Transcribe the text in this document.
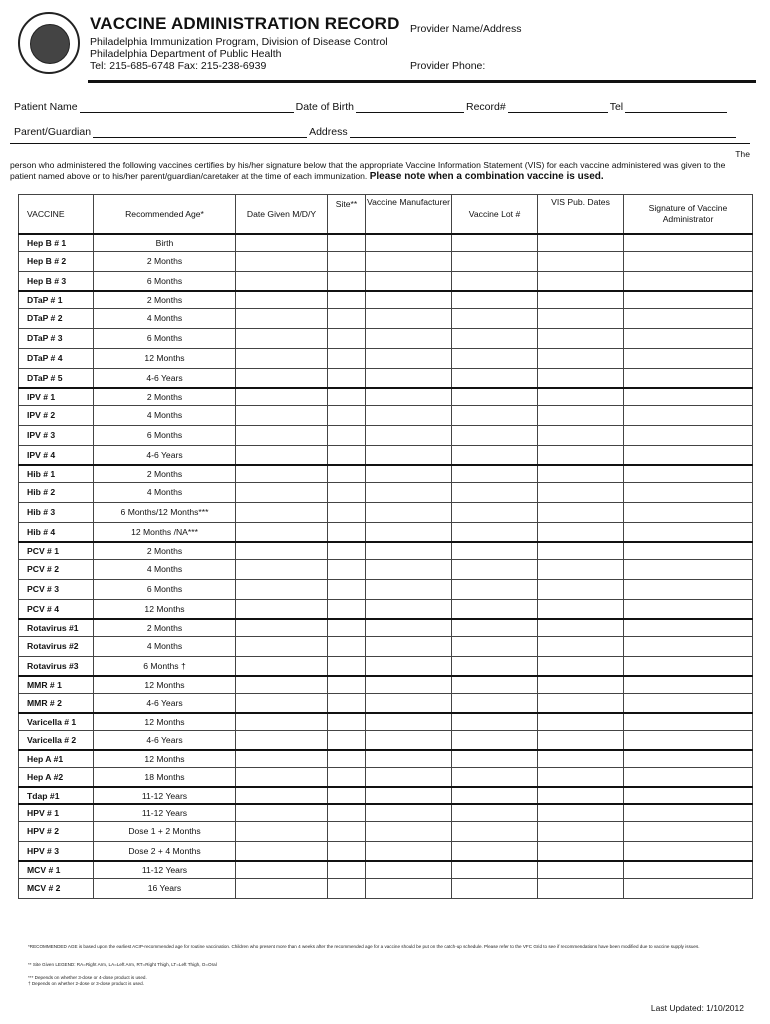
VACCINE ADMINISTRATION RECORD
Philadelphia Immunization Program, Division of Disease Control
Philadelphia Department of Public Health
Tel: 215-685-6748 Fax: 215-238-6939
Provider Name/Address
Provider Phone:
Patient Name	Date of Birth	Record#	Tel
Parent/Guardian	Address
The
person who administered the following vaccines certifies by his/her signature below that the appropriate Vaccine Information Statement (VIS) for each vaccine administered was given to the patient named above or to his/her parent/guardian/caretaker at the time of each immunization. Please note when a combination vaccine is used.
VACCINE	Recommended Age*	Date Given M/D/Y	Site**	Vaccine Manufacturer	Vaccine Lot #	VIS Pub. Dates	Signature of Vaccine Administrator
Hep B # 1	Birth						
Hep B # 2	2 Months						
Hep B # 3	6 Months						
DTaP # 1	2 Months						
DTaP # 2	4 Months						
DTaP # 3	6 Months						
DTaP # 4	12 Months						
DTaP # 5	4-6 Years						
IPV # 1	2 Months						
IPV # 2	4 Months						
IPV # 3	6 Months						
IPV # 4	4-6 Years						
Hib # 1	2 Months						
Hib # 2	4 Months						
Hib # 3	6 Months/12 Months***						
Hib # 4	12 Months /NA***						
PCV # 1	2 Months						
PCV # 2	4 Months						
PCV # 3	6 Months						
PCV # 4	12 Months						
Rotavirus #1	2 Months						
Rotavirus #2	4 Months						
Rotavirus #3	6 Months †						
MMR # 1	12 Months						
MMR # 2	4-6 Years						
Varicella # 1	12 Months						
Varicella # 2	4-6 Years						
Hep A #1	12 Months						
Hep A #2	18 Months						
Tdap #1	11-12 Years						
HPV # 1	11-12 Years						
HPV # 2	Dose 1 + 2 Months						
HPV # 3	Dose 2 + 4 Months						
MCV # 1	11-12 Years						
MCV # 2	16 Years						
*RECOMMENDED AGE is based upon the earliest ACIP-recommended age for routine vaccination. Children who present more than 4 weeks after the recommended age for a vaccine should be put on the catch-up schedule. Please refer to the VFC Grid to see if recommendations have been modified due to vaccine supply issues.
** Site Given LEGEND: RA=Right Arm, LA=Left Arm, RT=Right Thigh, LT=Left Thigh, O=Oral
*** Depends on whether 3-dose or 4-dose product is used.
† Depends on whether 2-dose or 3-dose product is used.
Last Updated: 1/10/2012
